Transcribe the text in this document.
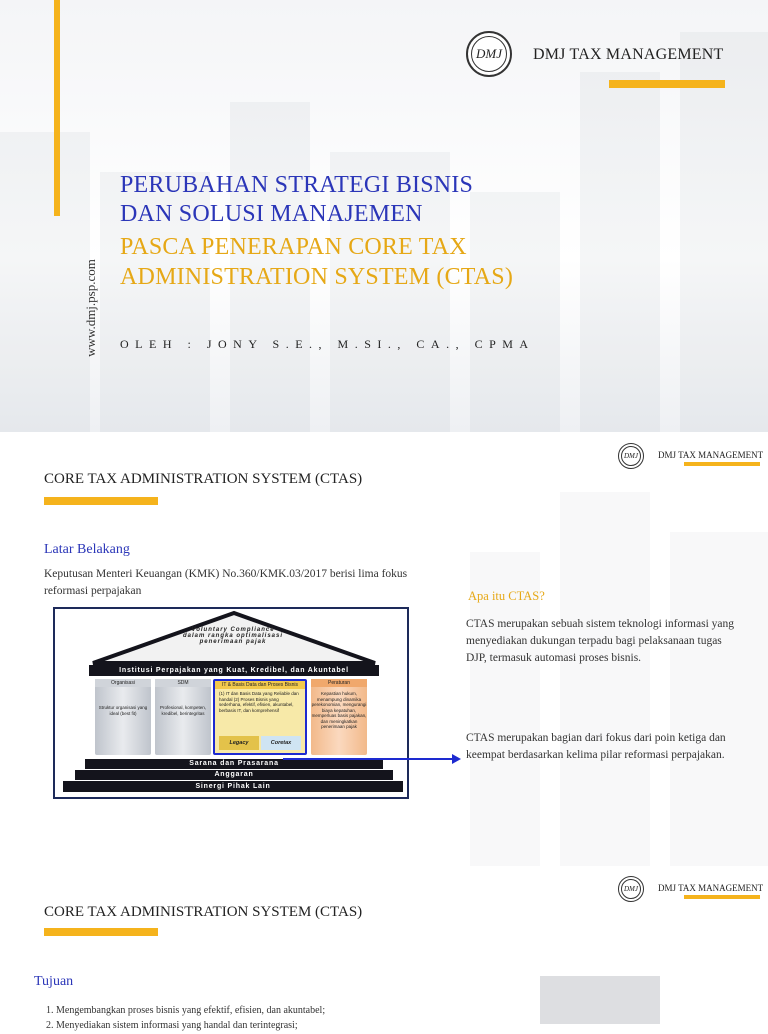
www.dmj.psp.com
DMJ	DMJ TAX MANAGEMENT
PERUBAHAN STRATEGI BISNIS
DAN SOLUSI MANAJEMEN
PASCA PENERAPAN CORE TAX
ADMINISTRATION SYSTEM (CTAS)
OLEH : JONY S.E., M.SI., CA., CPMA
DMJ	DMJ TAX MANAGEMENT
CORE TAX ADMINISTRATION SYSTEM (CTAS)
Latar Belakang
Keputusan Menteri Keuangan (KMK) No.360/KMK.03/2017 berisi lima fokus reformasi perpajakan	Apa itu CTAS?
CTAS merupakan sebuah sistem teknologi informasi yang menyediakan dukungan terpadu bagi pelaksanaan tugas DJP, termasuk automasi proses bisnis.
CTAS merupakan bagian dari fokus dari poin ketiga dan keempat berdasarkan kelima pilar reformasi perpajakan.
Voluntary Compliance
dalam rangka optimalisasi
penerimaan pajak
Institusi Perpajakan yang Kuat, Kredibel, dan Akuntabel
Organisasi
Struktur organisasi yang ideal (best fit)
SDM
Profesional, kompeten, kredibel, berintegritas
IT & Basis Data dan Proses Bisnis
(1) IT dan Basis Data yang Reliable dan handal (2) Proses Bisnis yang sederhana, efektif, efisien, akuntabel, berbasis IT, dan komprehensif
Legacy	Coretax
Peraturan
Kepastian hukum, menampung dinamika perekonomian, mengurangi biaya kepatuhan, memperluas basis pajakan, dan meningkatkan penerimaan pajak
Sarana dan Prasarana
Anggaran
Sinergi Pihak Lain
DMJ	DMJ TAX MANAGEMENT
CORE TAX ADMINISTRATION SYSTEM (CTAS)
Tujuan
1. Mengembangkan proses bisnis yang efektif, efisien, dan akuntabel;
2. Menyediakan sistem informasi yang handal dan terintegrasi;
